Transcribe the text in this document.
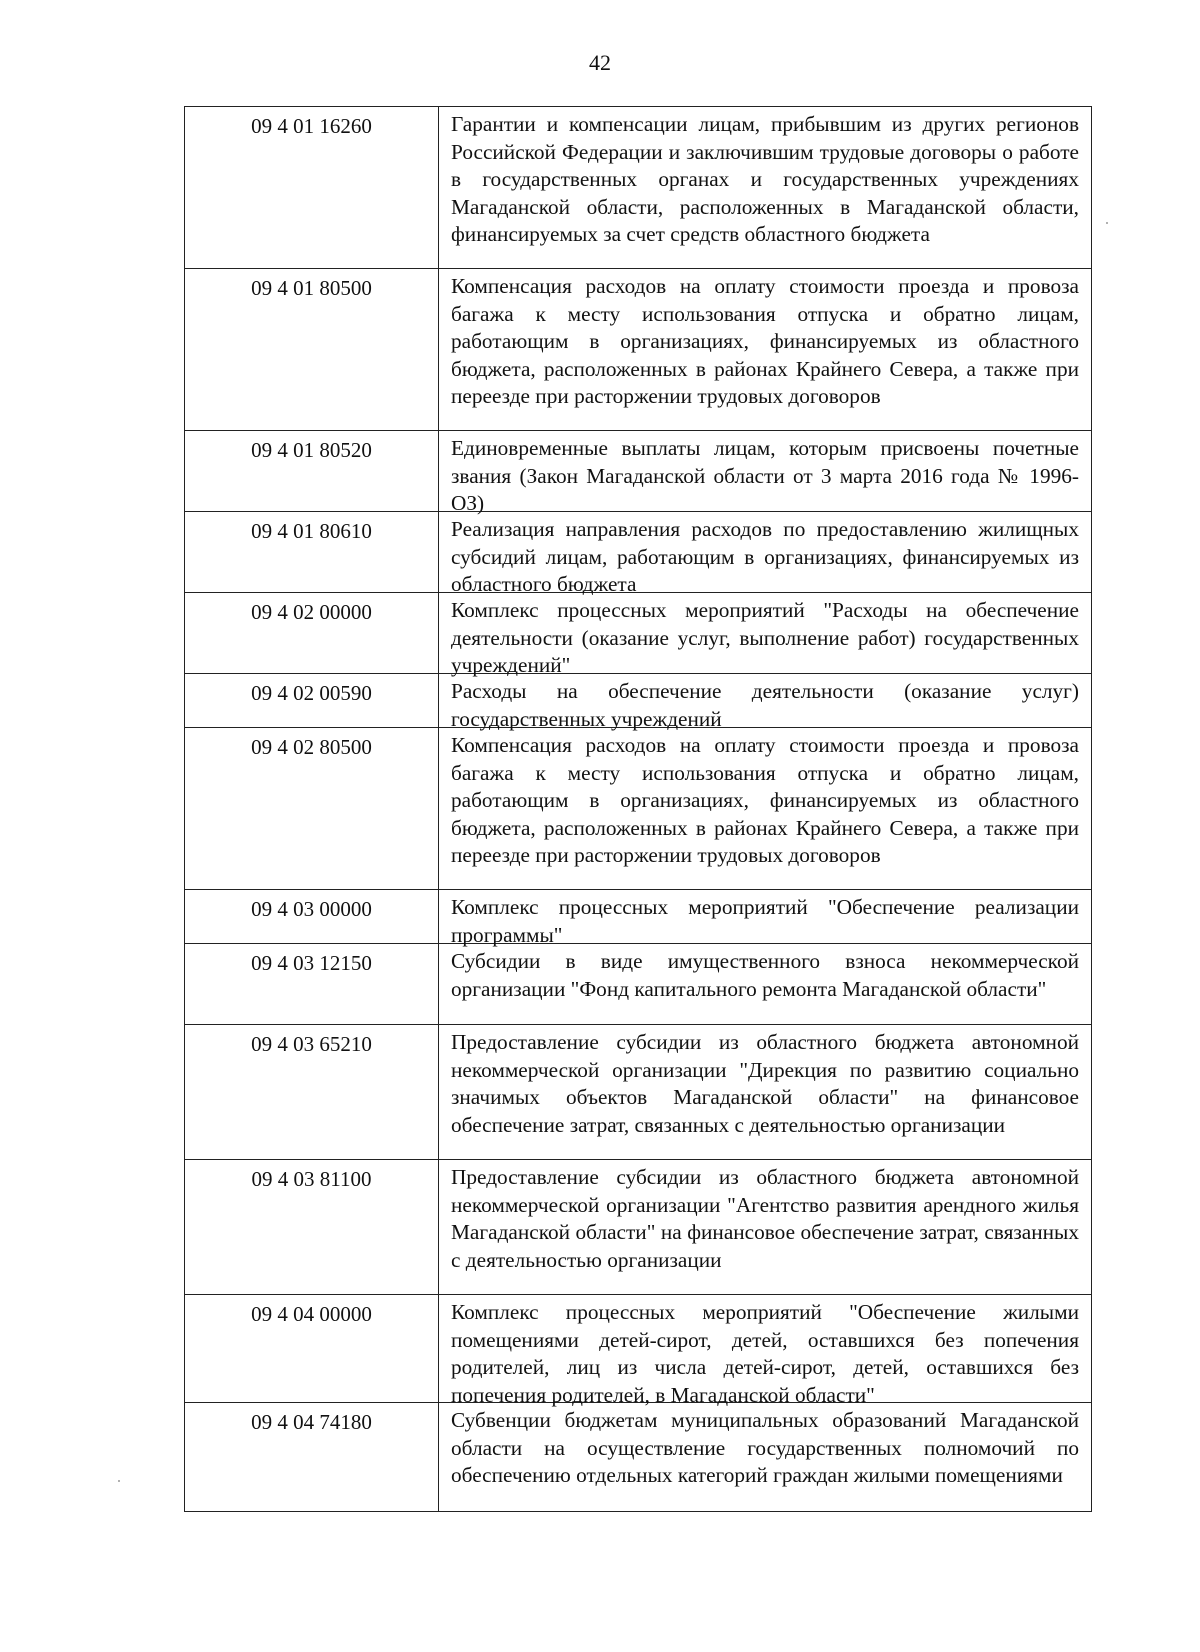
42
09 4 01 16260	Гарантии и компенсации лицам, прибывшим из других регионов Российской Федерации и заключившим трудовые договоры о работе в государственных органах и государственных учреждениях Магаданской области, расположенных в Магаданской области, финансируемых за счет средств областного бюджета
09 4 01 80500	Компенсация расходов на оплату стоимости проезда и провоза багажа к месту использования отпуска и обратно лицам, работающим в организациях, финансируемых из областного бюджета, расположенных в районах Крайнего Севера, а также при переезде при расторжении трудовых договоров
09 4 01 80520	Единовременные выплаты лицам, которым присвоены почетные звания (Закон Магаданской области от 3 марта 2016 года № 1996-ОЗ)
09 4 01 80610	Реализация направления расходов по предоставлению жилищных субсидий лицам, работающим в организациях, финансируемых из областного бюджета
09 4 02 00000	Комплекс процессных мероприятий "Расходы на обеспечение деятельности (оказание услуг, выполнение работ) государственных учреждений"
09 4 02 00590	Расходы на обеспечение деятельности (оказание услуг) государственных учреждений
09 4 02 80500	Компенсация расходов на оплату стоимости проезда и провоза багажа к месту использования отпуска и обратно лицам, работающим в организациях, финансируемых из областного бюджета, расположенных в районах Крайнего Севера, а также при переезде при расторжении трудовых договоров
09 4 03 00000	Комплекс процессных мероприятий "Обеспечение реализации программы"
09 4 03 12150	Субсидии в виде имущественного взноса некоммерческой организации "Фонд капитального ремонта Магаданской области"
09 4 03 65210	Предоставление субсидии из областного бюджета автономной некоммерческой организации "Дирекция по развитию социально значимых объектов Магаданской области" на финансовое обеспечение затрат, связанных с деятельностью организации
09 4 03 81100	Предоставление субсидии из областного бюджета автономной некоммерческой организации "Агентство развития арендного жилья Магаданской области" на финансовое обеспечение затрат, связанных с деятельностью организации
09 4 04 00000	Комплекс процессных мероприятий "Обеспечение жилыми помещениями детей-сирот, детей, оставшихся без попечения родителей, лиц из числа детей-сирот, детей, оставшихся без попечения родителей, в Магаданской области"
09 4 04 74180	Субвенции бюджетам муниципальных образований Магаданской области на осуществление государственных полномочий по обеспечению отдельных категорий граждан жилыми помещениями
